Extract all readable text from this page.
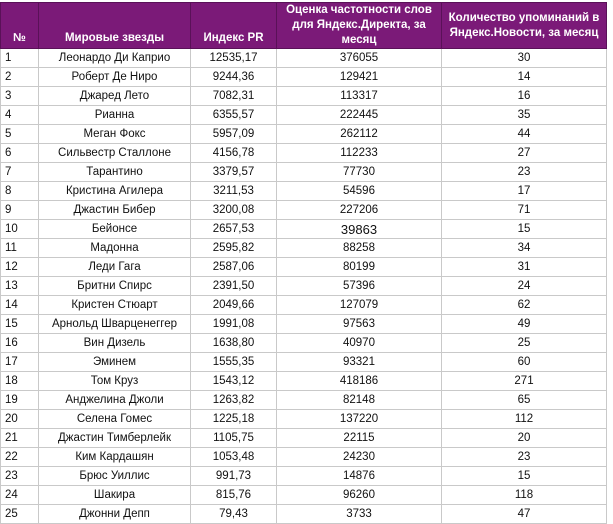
№	Мировые звезды	Индекс PR	Оценка частотности слов для Яндекс.Директа, за месяц	Количество упоминаний в Яндекс.Новости, за месяц
1	Леонардо Ди Каприо	12535,17	376055	30
2	Роберт Де Ниро	9244,36	129421	14
3	Джаред Лето	7082,31	113317	16
4	Рианна	6355,57	222445	35
5	Меган Фокс	5957,09	262112	44
6	Сильвестр Сталлоне	4156,78	112233	27
7	Тарантино	3379,57	77730	23
8	Кристина Агилера	3211,53	54596	17
9	Джастин Бибер	3200,08	227206	71
10	Бейонсе	2657,53	39863	15
11	Мадонна	2595,82	88258	34
12	Леди Гага	2587,06	80199	31
13	Бритни Спирс	2391,50	57396	24
14	Кристен Стюарт	2049,66	127079	62
15	Арнольд Шварценеггер	1991,08	97563	49
16	Вин Дизель	1638,80	40970	25
17	Эминем	1555,35	93321	60
18	Том Круз	1543,12	418186	271
19	Анджелина Джоли	1263,82	82148	65
20	Селена Гомес	1225,18	137220	112
21	Джастин Тимберлейк	1105,75	22115	20
22	Ким Кардашян	1053,48	24230	23
23	Брюс Уиллис	991,73	14876	15
24	Шакира	815,76	96260	118
25	Джонни Депп	79,43	3733	47
